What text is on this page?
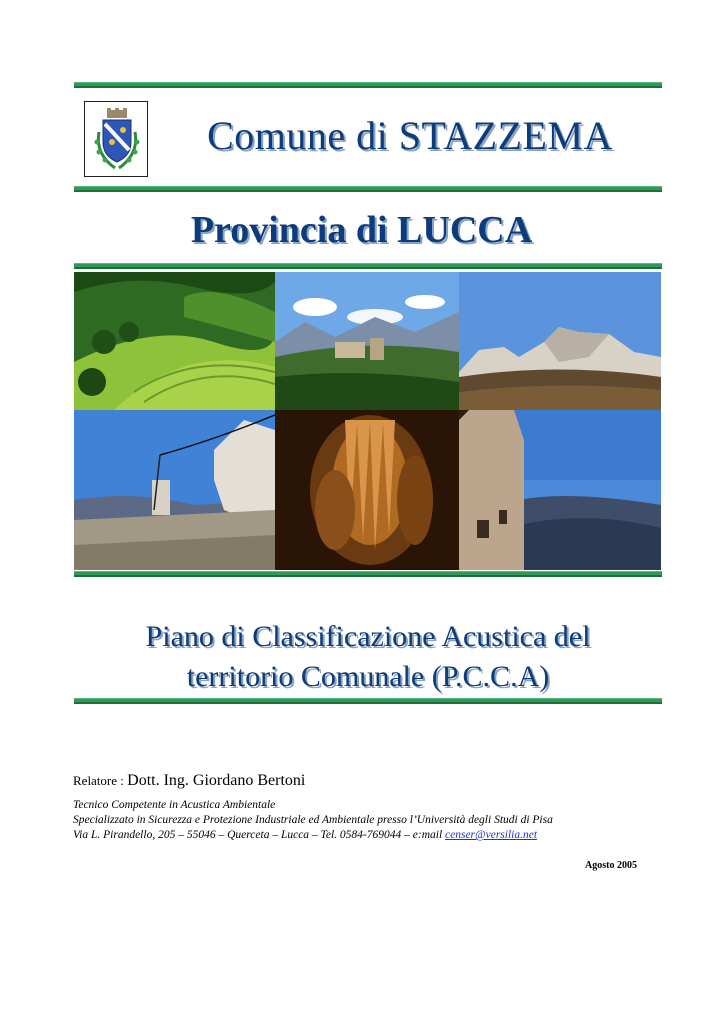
Comune di STAZZEMA
Provincia di LUCCA
Piano di Classificazione Acustica del
territorio Comunale (P.C.C.A)
Relatore : Dott. Ing. Giordano Bertoni
Tecnico Competente in Acustica Ambientale
Specializzato in Sicurezza e Protezione Industriale ed Ambientale presso l’Università degli Studi di Pisa
Via L. Pirandello, 205 – 55046 – Querceta – Lucca – Tel. 0584-769044 – e:mail censer@versilia.net
Agosto 2005
